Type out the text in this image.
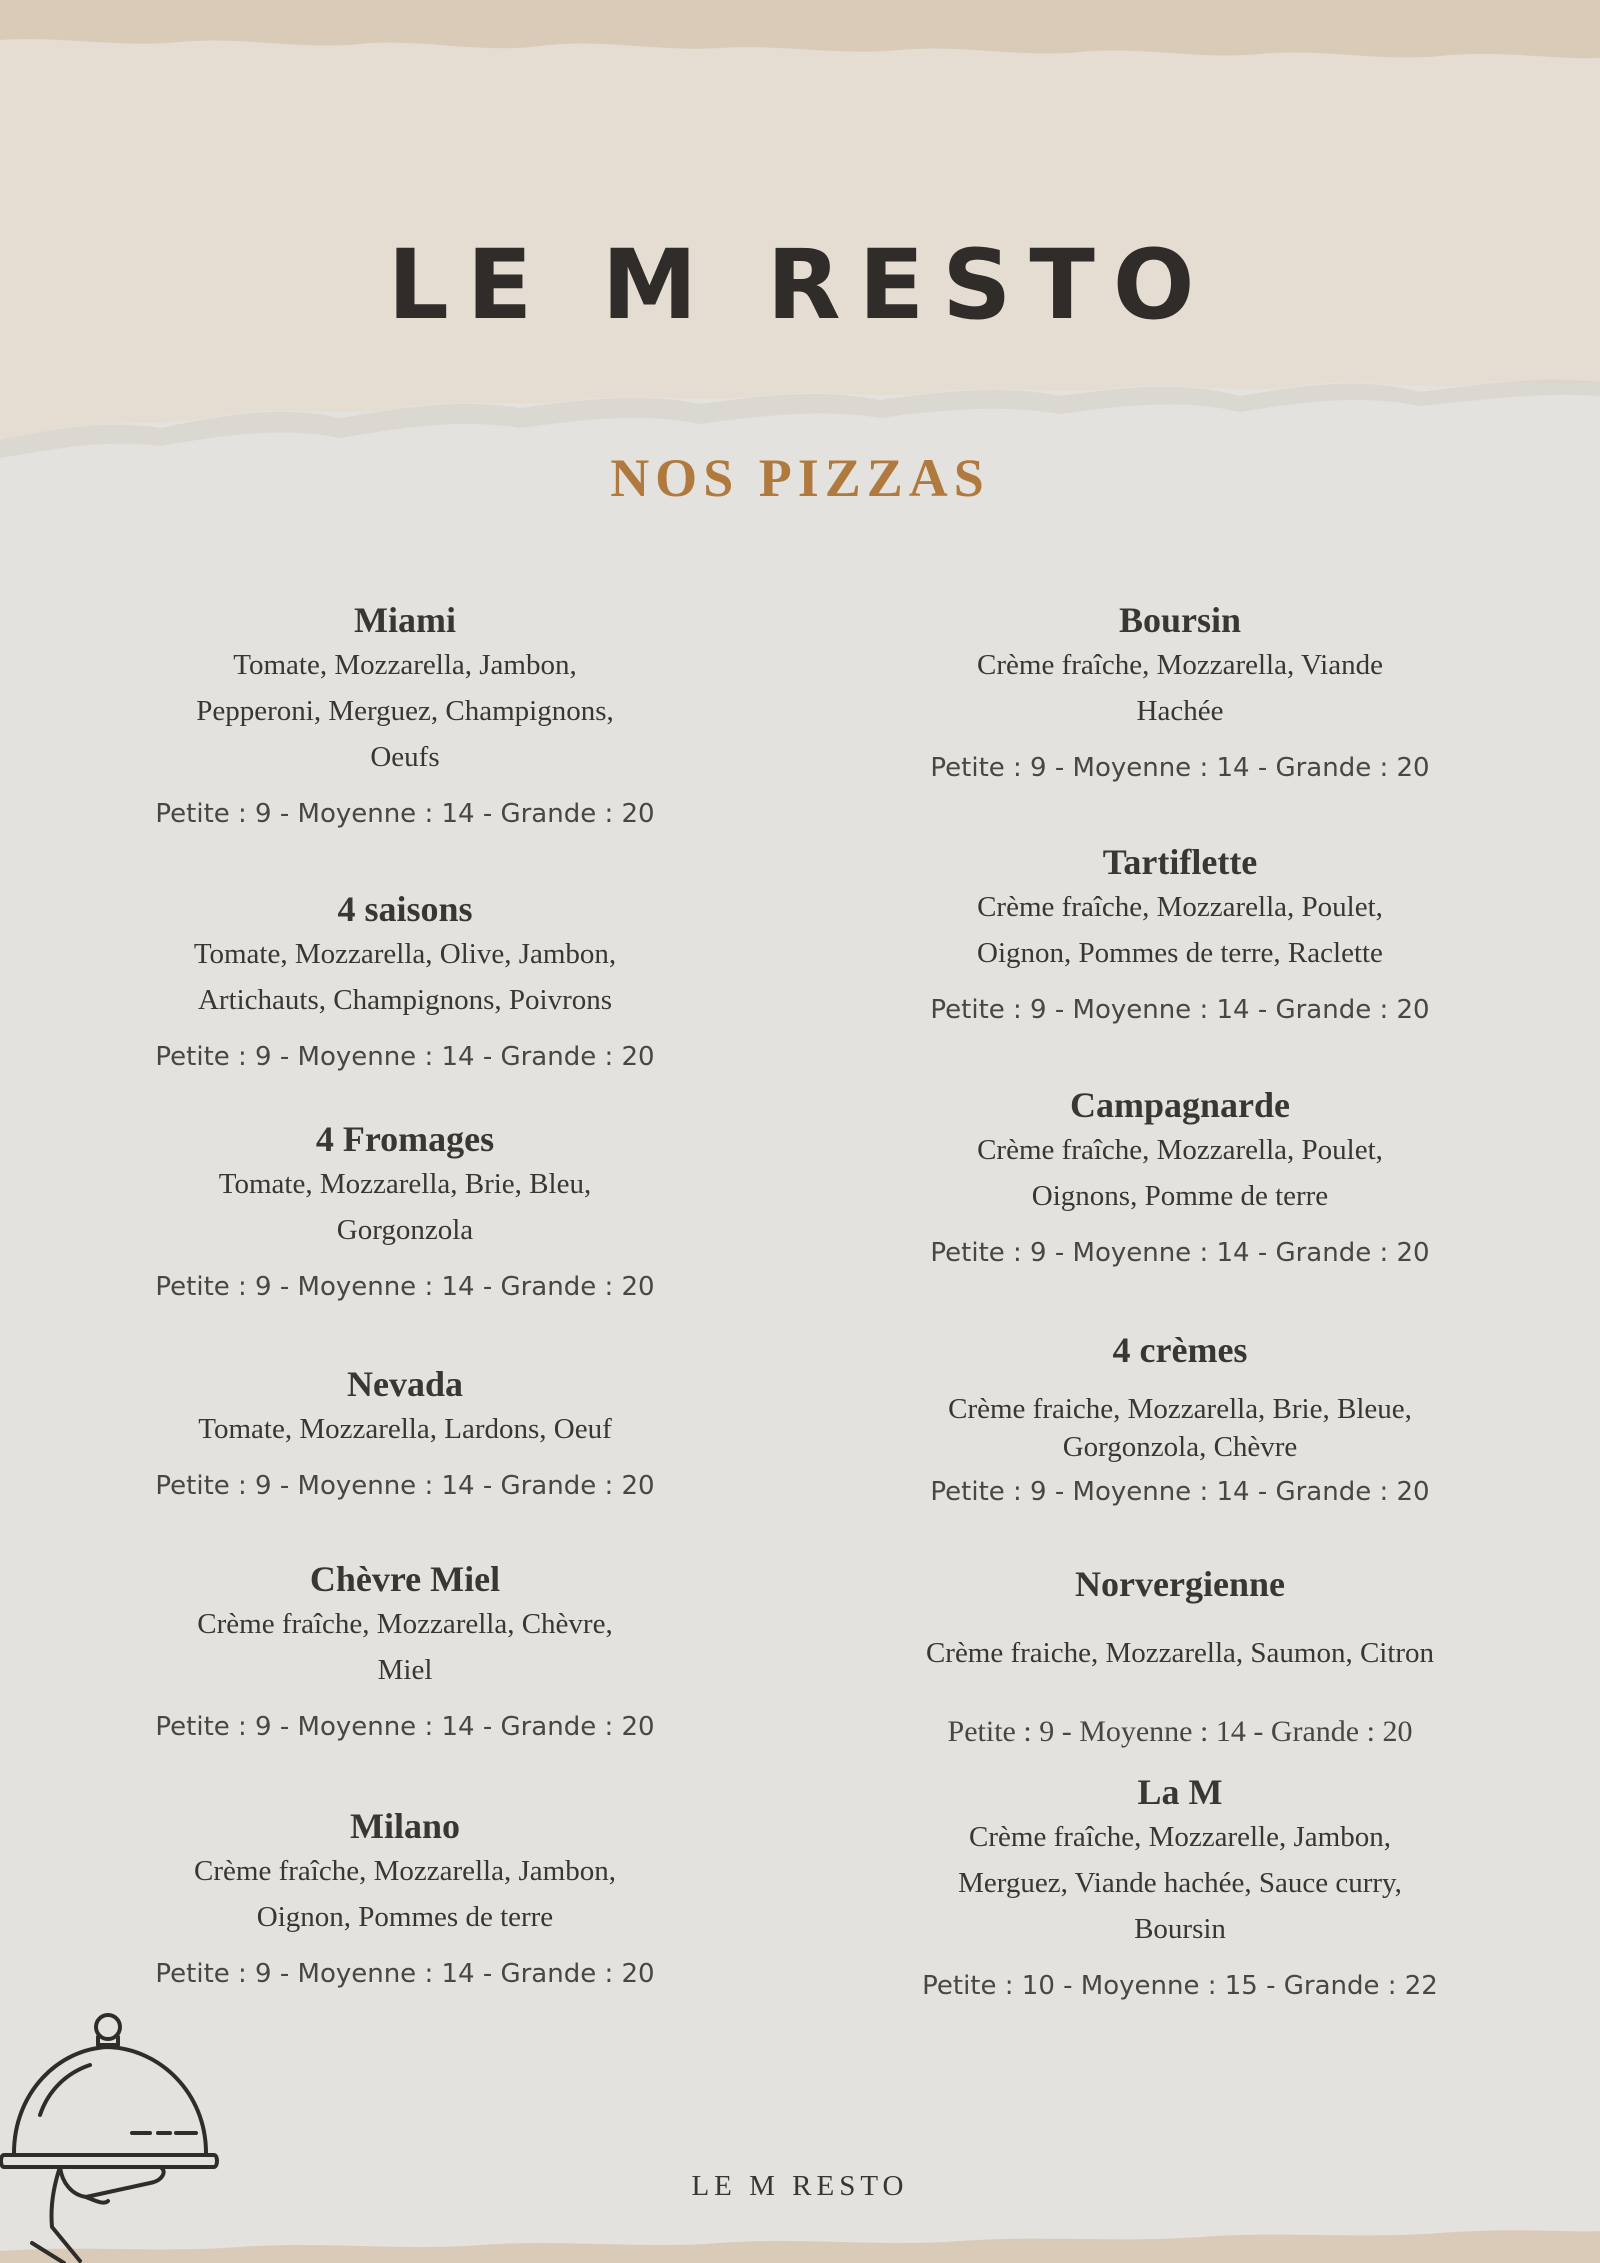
LE M RESTO
NOS PIZZAS
Miami
Tomate, Mozzarella, Jambon,
Pepperoni, Merguez, Champignons,
Oeufs
Petite : 9 - Moyenne : 14 - Grande : 20
4 saisons
Tomate, Mozzarella, Olive, Jambon,
Artichauts, Champignons, Poivrons
Petite : 9 - Moyenne : 14 - Grande : 20
4 Fromages
Tomate, Mozzarella, Brie, Bleu,
Gorgonzola
Petite : 9 - Moyenne : 14 - Grande : 20
Nevada
Tomate, Mozzarella, Lardons, Oeuf
Petite : 9 - Moyenne : 14 - Grande : 20
Chèvre Miel
Crème fraîche, Mozzarella, Chèvre,
Miel
Petite : 9 - Moyenne : 14 - Grande : 20
Milano
Crème fraîche, Mozzarella, Jambon,
Oignon, Pommes de terre
Petite : 9 - Moyenne : 14 - Grande : 20
Boursin
Crème fraîche, Mozzarella, Viande
Hachée
Petite : 9 - Moyenne : 14 - Grande : 20
Tartiflette
Crème fraîche, Mozzarella, Poulet,
Oignon, Pommes de terre, Raclette
Petite : 9 - Moyenne : 14 - Grande : 20
Campagnarde
Crème fraîche, Mozzarella, Poulet,
Oignons, Pomme de terre
Petite : 9 - Moyenne : 14 - Grande : 20
4 crèmes
Crème fraiche, Mozzarella, Brie, Bleue,
Gorgonzola, Chèvre
Petite : 9 - Moyenne : 14 - Grande : 20
Norvergienne
Crème fraiche, Mozzarella, Saumon, Citron
Petite : 9 - Moyenne : 14 - Grande : 20
La M
Crème fraîche, Mozzarelle, Jambon,
Merguez, Viande hachée, Sauce curry,
Boursin
Petite : 10 - Moyenne : 15 - Grande : 22
LE M RESTO
